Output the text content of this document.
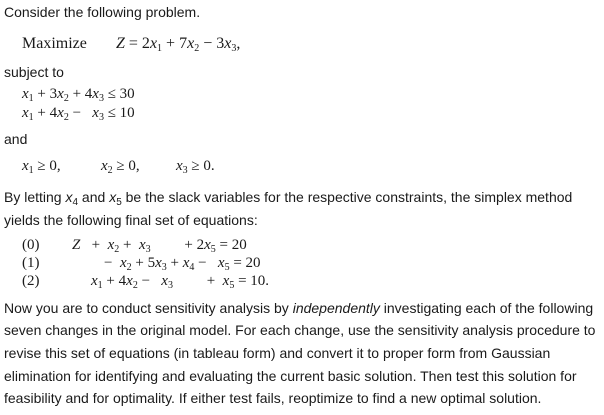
Consider the following problem.
Maximize $Z = 2x_1 + 7x_2 - 3x_3$,
subject to
$x_1 + 3x_2 + 4x_3 \le 30$
$x_1 + 4x_2 - x_3 \le 10$
and
$x_1 \ge 0$,	$x_2 \ge 0$, $x_3 \ge 0$.
By letting $x_4$ and $x_5$ be the slack variables for the respective constraints, the simplex method
yields the following final set of equations:
(0)
(1)
(2)
$Z + x_2 + x_3$         + $2x_5 = 20$
−  $x_2 + 5x_3 + x_4 - x_5 = 20$
$x_1 + 4x_2 - x_3$         +  $x_5 = 10$.
Now you are to conduct sensitivity analysis by independently investigating each of the following
seven changes in the original model. For each change, use the sensitivity analysis procedure to
revise this set of equations (in tableau form) and convert it to proper form from Gaussian
elimination for identifying and evaluating the current basic solution. Then test this solution for
feasibility and for optimality. If either test fails, reoptimize to find a new optimal solution.
